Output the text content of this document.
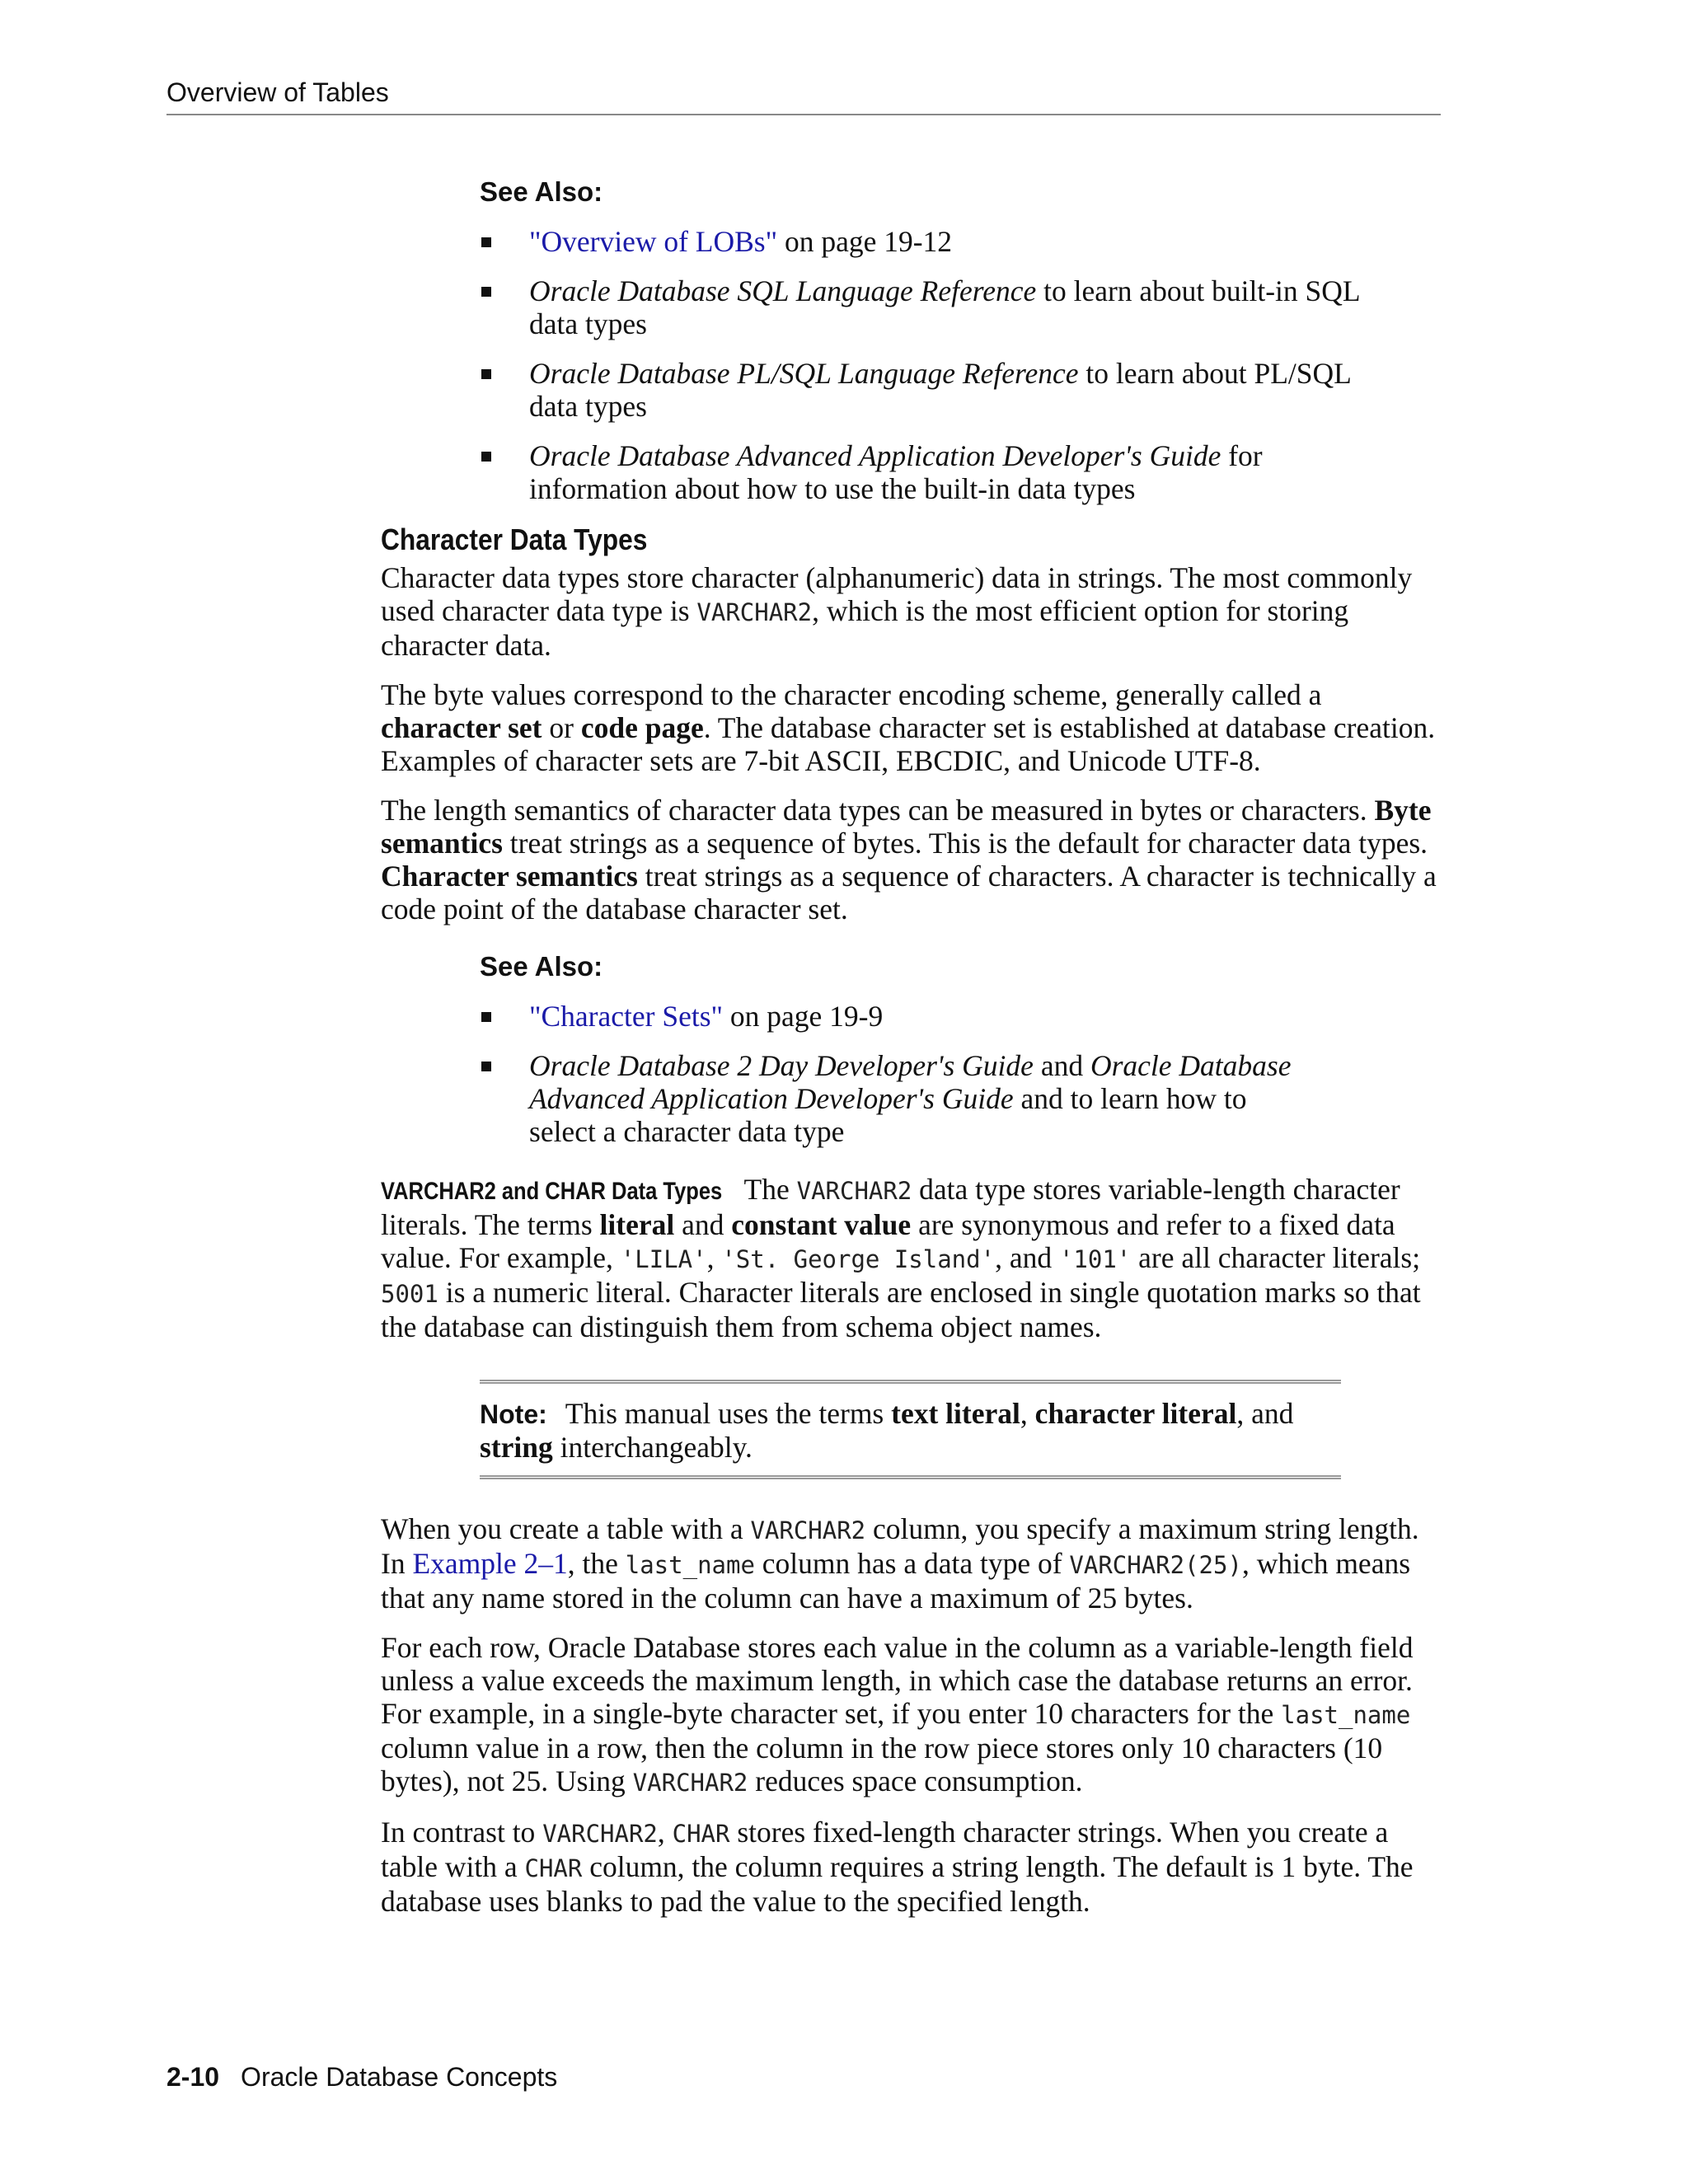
Overview of Tables
See Also:
"Overview of LOBs" on page 19-12
Oracle Database SQL Language Reference to learn about built-in SQL data types
Oracle Database PL/SQL Language Reference to learn about PL/SQL data types
Oracle Database Advanced Application Developer's Guide for information about how to use the built-in data types
Character Data Types

Character data types store character (alphanumeric) data in strings. The most commonly used character data type is VARCHAR2, which is the most efficient option for storing character data.

The byte values correspond to the character encoding scheme, generally called a character set or code page. The database character set is established at database creation. Examples of character sets are 7-bit ASCII, EBCDIC, and Unicode UTF-8.

The length semantics of character data types can be measured in bytes or characters. Byte semantics treat strings as a sequence of bytes. This is the default for character data types. Character semantics treat strings as a sequence of characters. A character is technically a code point of the database character set.

See Also:
"Character Sets" on page 19-9
Oracle Database 2 Day Developer's Guide and Oracle Database Advanced Application Developer's Guide and to learn how to select a character data type

VARCHAR2 and CHAR Data Types The VARCHAR2 data type stores variable-length character literals. The terms literal and constant value are synonymous and refer to a fixed data value. For example, 'LILA', 'St. George Island', and '101' are all character literals; 5001 is a numeric literal. Character literals are enclosed in single quotation marks so that the database can distinguish them from schema object names.

Note: This manual uses the terms text literal, character literal, and string interchangeably.

When you create a table with a VARCHAR2 column, you specify a maximum string length. In Example 2–1, the last_name column has a data type of VARCHAR2(25), which means that any name stored in the column can have a maximum of 25 bytes.

For each row, Oracle Database stores each value in the column as a variable-length field unless a value exceeds the maximum length, in which case the database returns an error. For example, in a single-byte character set, if you enter 10 characters for the last_name column value in a row, then the column in the row piece stores only 10 characters (10 bytes), not 25. Using VARCHAR2 reduces space consumption.

In contrast to VARCHAR2, CHAR stores fixed-length character strings. When you create a table with a CHAR column, the column requires a string length. The default is 1 byte. The database uses blanks to pad the value to the specified length.

2-10 Oracle Database Concepts
